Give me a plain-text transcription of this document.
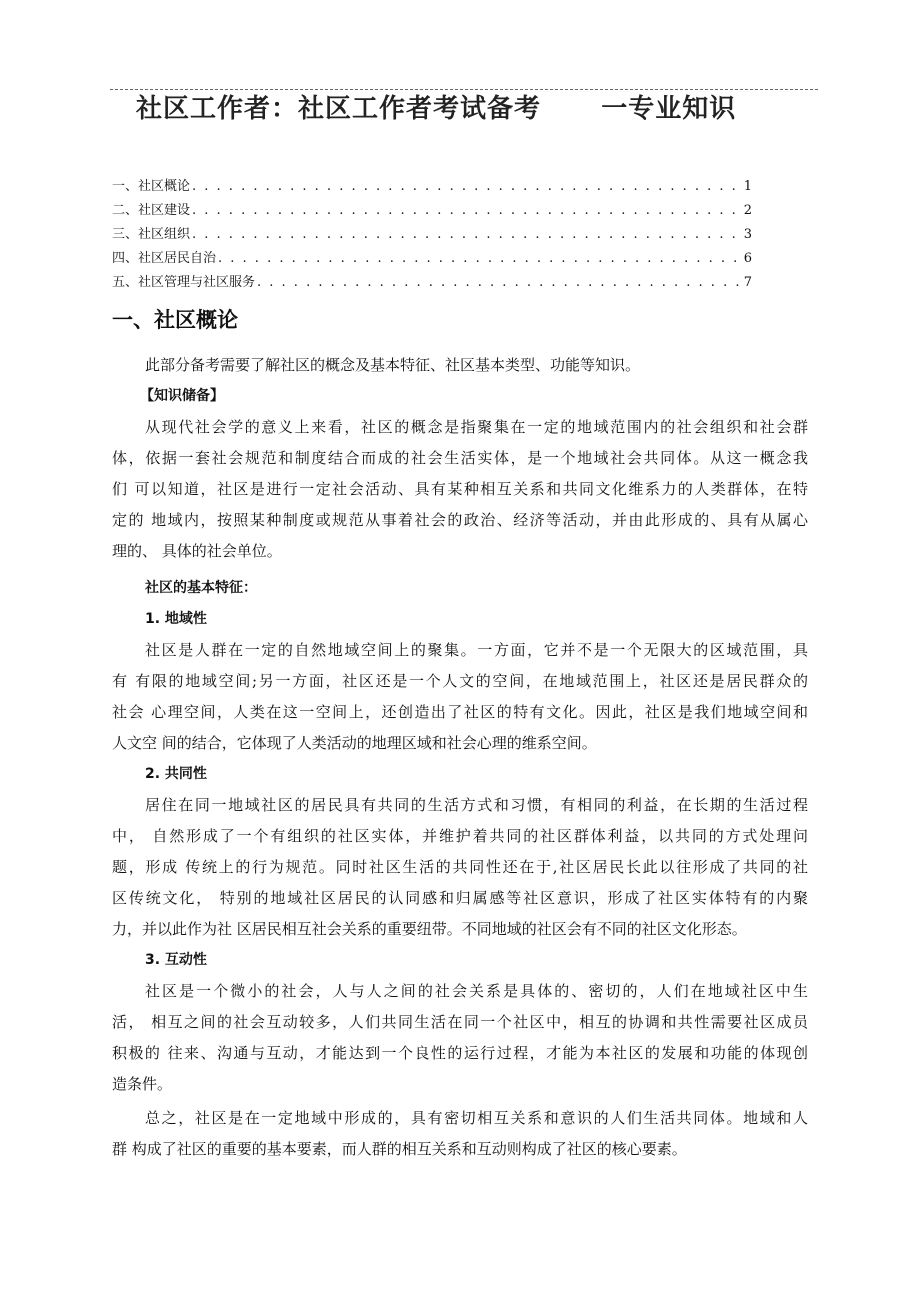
社区工作者：社区工作者考试备考      一专业知识
一、社区概论 . . .	1
二、社区建设 . . .	2
三、社区组织 . . .	3
四、社区居民自治 . . .	6
五、社区管理与社区服务 . . .	7
一、社区概论
此部分备考需要了解社区的概念及基本特征、社区基本类型、功能等知识。
【知识储备】
从现代社会学的意义上来看，社区的概念是指聚集在一定的地域范围内的社会组织和社会群
体，依据一套社会规范和制度结合而成的社会生活实体，是一个地域社会共同体。从这一概念我
们 可以知道，社区是进行一定社会活动、具有某种相互关系和共同文化维系力的人类群体，在特
定的 地域内，按照某种制度或规范从事着社会的政治、经济等活动，并由此形成的、具有从属心
理的、 具体的社会单位。
社区的基本特征：
1. 地域性
社区是人群在一定的自然地域空间上的聚集。一方面，它并不是一个无限大的区域范围，具
有 有限的地域空间;另一方面，社区还是一个人文的空间，在地域范围上，社区还是居民群众的
社会 心理空间，人类在这一空间上，还创造出了社区的特有文化。因此，社区是我们地域空间和
人文空 间的结合，它体现了人类活动的地理区域和社会心理的维系空间。
2. 共同性
居住在同一地域社区的居民具有共同的生活方式和习惯，有相同的利益，在长期的生活过程
中， 自然形成了一个有组织的社区实体，并维护着共同的社区群体利益，以共同的方式处理问
题，形成 传统上的行为规范。同时社区生活的共同性还在于,社区居民长此以往形成了共同的社
区传统文化， 特别的地域社区居民的认同感和归属感等社区意识，形成了社区实体特有的内聚
力，并以此作为社 区居民相互社会关系的重要纽带。不同地域的社区会有不同的社区文化形态。
3. 互动性
社区是一个微小的社会，人与人之间的社会关系是具体的、密切的，人们在地域社区中生
活， 相互之间的社会互动较多，人们共同生活在同一个社区中，相互的协调和共性需要社区成员
积极的 往来、沟通与互动，才能达到一个良性的运行过程，才能为本社区的发展和功能的体现创
造条件。
总之，社区是在一定地域中形成的，具有密切相互关系和意识的人们生活共同体。地域和人
群 构成了社区的重要的基本要素，而人群的相互关系和互动则构成了社区的核心要素。
